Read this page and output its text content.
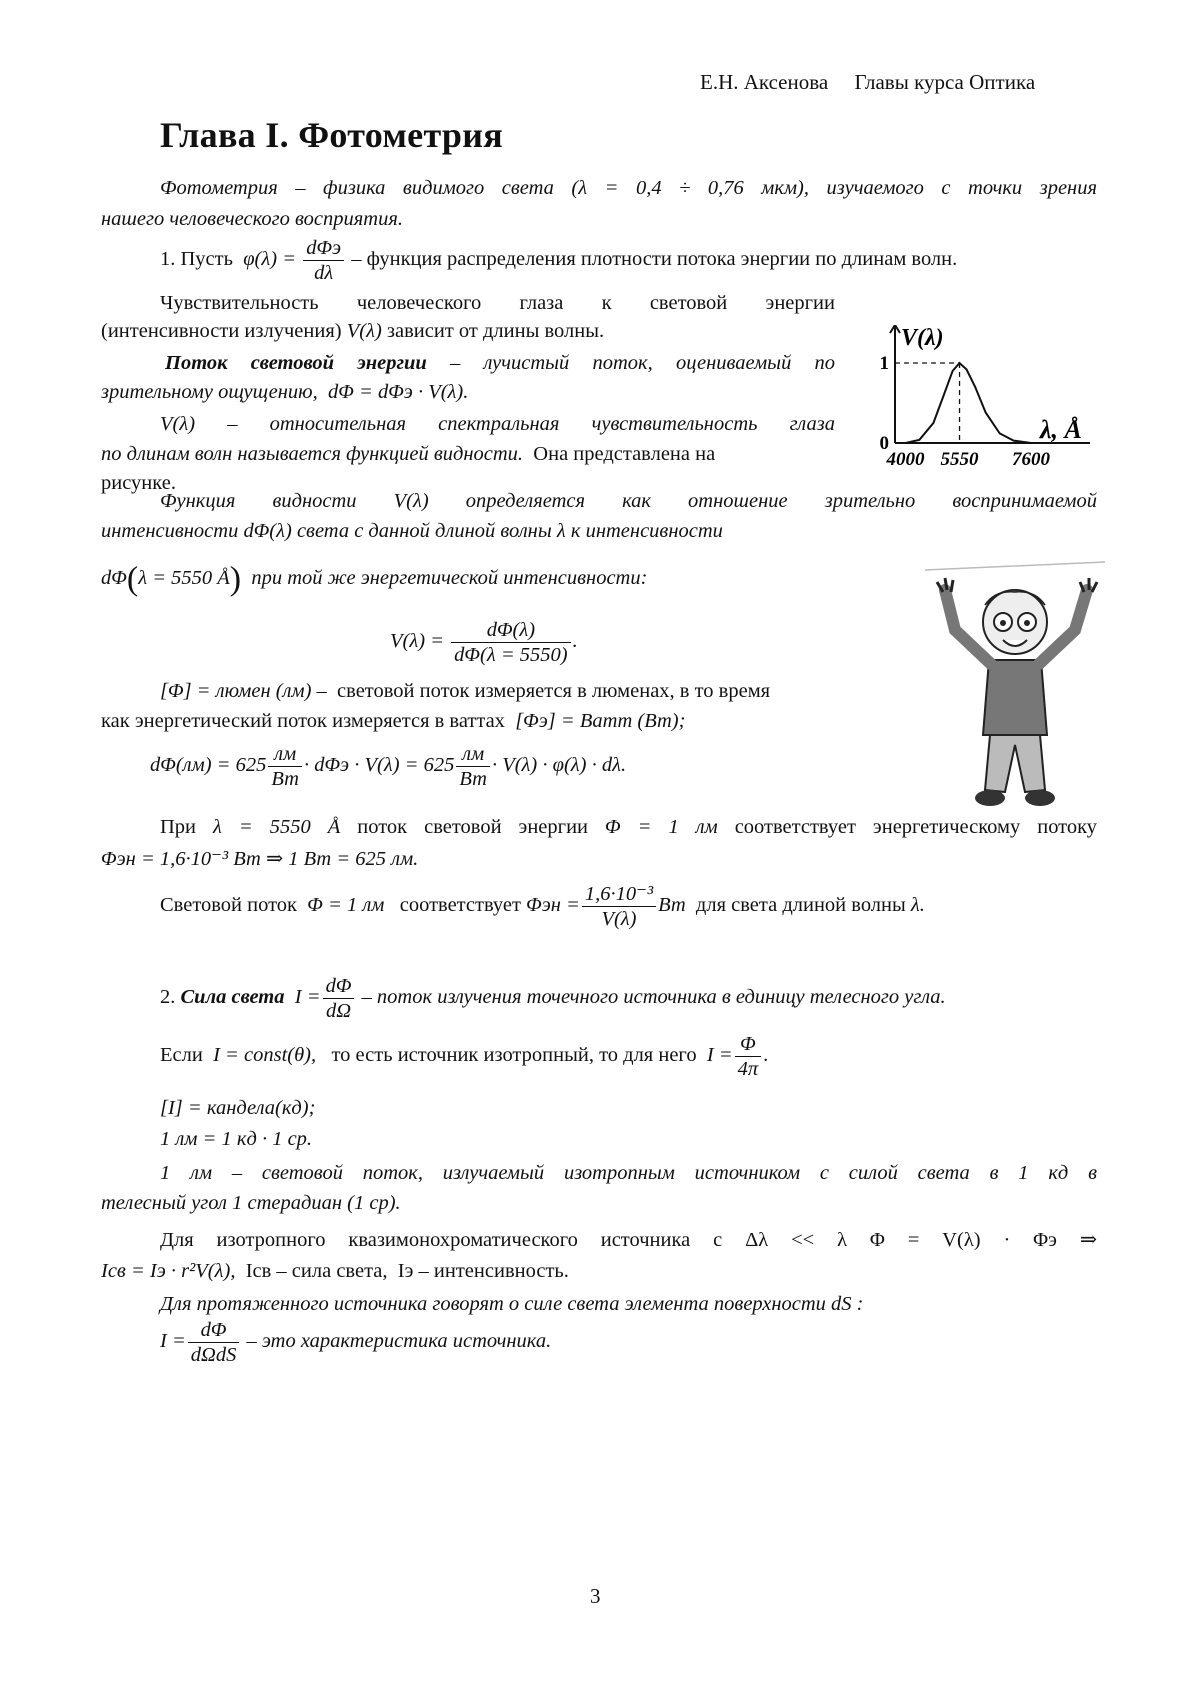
Е.Н. Аксенова Главы курса Оптика
Глава I. Фотометрия
Фотометрия – физика видимого света (λ = 0,4 ÷ 0,76 мкм), изучаемого с точки зрения
нашего человеческого восприятия.
1. Пусть $\varphi(\lambda) = \frac{\text{dΦэ}}{d\lambda}$ – функция распределения плотности потока энергии по длинам волн.
Чувствительность человеческого глаза к световой энергии
(интенсивности излучения) V(λ) зависит от длины волны.
Поток световой энергии – лучистый поток, оцениваемый по
зрительному ощущению, dΦ = dΦэ · V(λ).
V(λ) – относительная спектральная чувствительность глаза
по длинам волн называется функцией видности. Она представлена на
рисунке.
V(λ)
λ, Å
4000 5550 7600
0
1
Функция видности V(λ) определяется как отношение зрительно воспринимаемой
интенсивности dΦ(λ) света с данной длиной волны λ к интенсивности
dΦ(λ = 5550 Å) при той же энергетической интенсивности:
$V(\lambda) = \frac{d\Phi(\lambda)}{d\Phi(\lambda = 5550)}$ .
[Φ] = люмен (лм) – световой поток измеряется в люменах, в то время
как энергетический поток измеряется в ваттах [Φэ] = Ватт (Вт);
$d\Phi(лм) = 625 \frac{лм}{Вт} \cdot d\Phi э \cdot V(\lambda) = 625 \frac{лм}{Вт} \cdot V(\lambda) \cdot \varphi(\lambda) \cdot d\lambda$.
При λ = 5550 Å поток световой энергии Φ = 1 лм соответствует энергетическому потоку
Φэн = 1,6·10⁻³ Вт ⇒ 1 Вт = 625 лм.
Световой поток Φ = 1 лм соответствует $\Phi эн = \frac{\text{1,6·10⁻³}}{V(\lambda)}$ Вт для света длиной волны λ.
2. Сила света $I = \frac{d\Phi}{d\Omega}$ – поток излучения точечного источника в единицу телесного угла.
Если I = const(θ), то есть источник изотропный, то для него $I = \frac{\Phi}{4\pi}$ .
[I] = кандела(кд);
1 лм = 1 кд · 1 ср.
1 лм – световой поток, излучаемый изотропным источником с силой света в 1 кд в
телесный угол 1 стерадиан (1 ср).
Для изотропного квазимонохроматического источника с Δλ << λ Φ = V(λ) · Φэ ⇒
Iсв = Iэ · r²V(λ), Iсв – сила света, Iэ – интенсивность.
Для протяженного источника говорят о силе света элемента поверхности dS :
$I = \frac{d\Phi}{\text{dΩdS}}$ – это характеристика источника.
3
